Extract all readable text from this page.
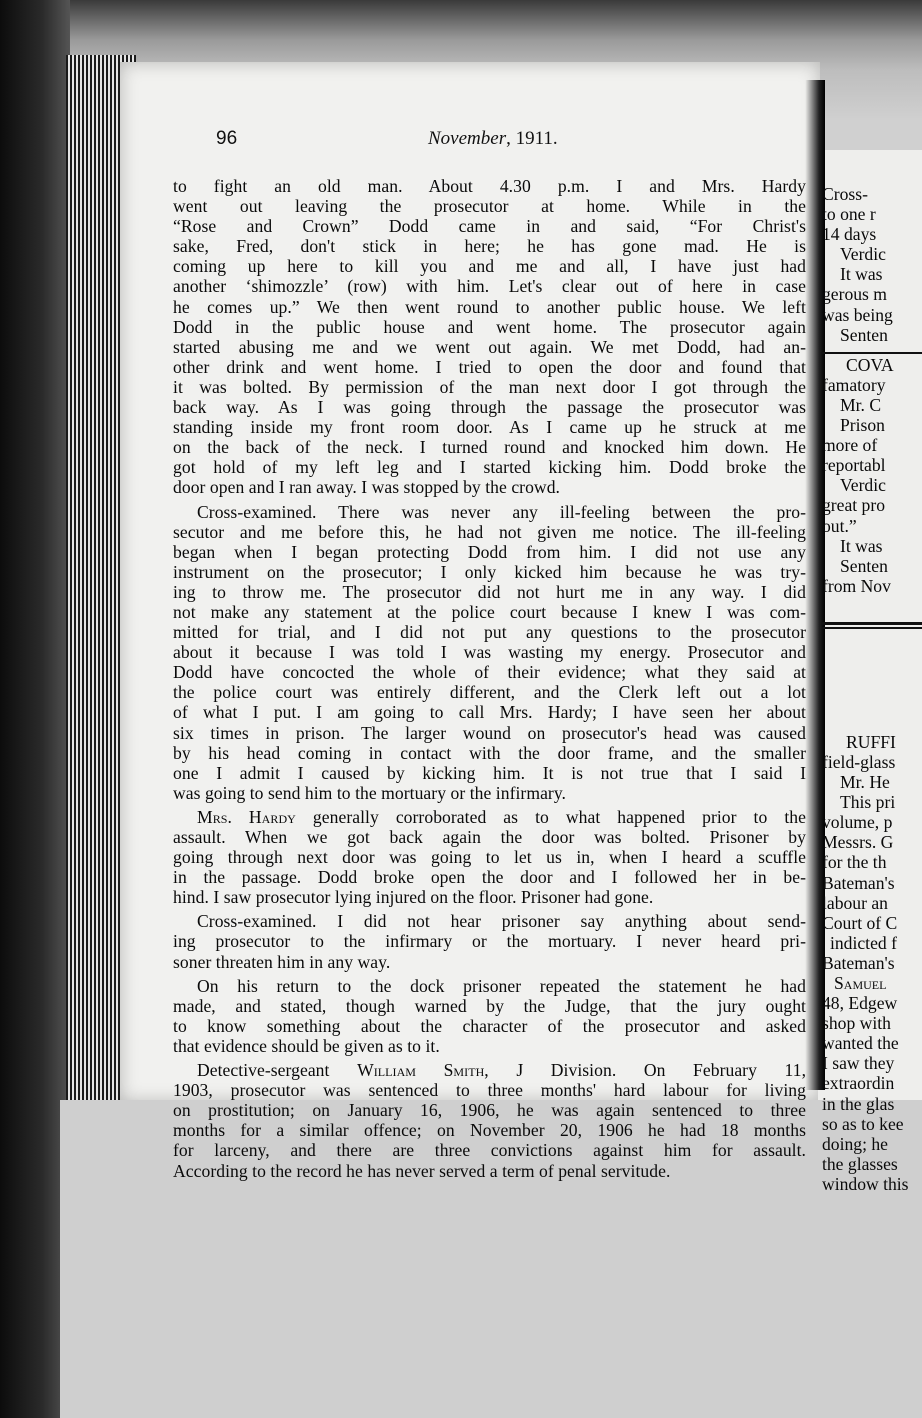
96	November, 1911.
to fight an old man. About 4.30 p.m. I and Mrs. Hardy
went out leaving the prosecutor at home. While in the
“Rose and Crown” Dodd came in and said, “For Christ's
sake, Fred, don't stick in here; he has gone mad. He is
coming up here to kill you and me and all, I have just had
another ‘shimozzle’ (row) with him. Let's clear out of here in case
he comes up.” We then went round to another public house. We left
Dodd in the public house and went home. The prosecutor again
started abusing me and we went out again. We met Dodd, had an-
other drink and went home. I tried to open the door and found that
it was bolted. By permission of the man next door I got through the
back way. As I was going through the passage the prosecutor was
standing inside my front room door. As I came up he struck at me
on the back of the neck. I turned round and knocked him down. He
got hold of my left leg and I started kicking him. Dodd broke the
door open and I ran away. I was stopped by the crowd.
Cross-examined. There was never any ill-feeling between the pro-
secutor and me before this, he had not given me notice. The ill-feeling
began when I began protecting Dodd from him. I did not use any
instrument on the prosecutor; I only kicked him because he was try-
ing to throw me. The prosecutor did not hurt me in any way. I did
not make any statement at the police court because I knew I was com-
mitted for trial, and I did not put any questions to the prosecutor
about it because I was told I was wasting my energy. Prosecutor and
Dodd have concocted the whole of their evidence; what they said at
the police court was entirely different, and the Clerk left out a lot
of what I put. I am going to call Mrs. Hardy; I have seen her about
six times in prison. The larger wound on prosecutor's head was caused
by his head coming in contact with the door frame, and the smaller
one I admit I caused by kicking him. It is not true that I said I
was going to send him to the mortuary or the infirmary.
Mrs. Hardy generally corroborated as to what happened prior to the
assault. When we got back again the door was bolted. Prisoner by
going through next door was going to let us in, when I heard a scuffle
in the passage. Dodd broke open the door and I followed her in be-
hind. I saw prosecutor lying injured on the floor. Prisoner had gone.
Cross-examined. I did not hear prisoner say anything about send-
ing prosecutor to the infirmary or the mortuary. I never heard pri-
soner threaten him in any way.
On his return to the dock prisoner repeated the statement he had
made, and stated, though warned by the Judge, that the jury ought
to know something about the character of the prosecutor and asked
that evidence should be given as to it.
Detective-sergeant William Smith, J Division. On February 11,
1903, prosecutor was sentenced to three months' hard labour for living
on prostitution; on January 16, 1906, he was again sentenced to three
months for a similar offence; on November 20, 1906 he had 18 months
for larceny, and there are three convictions against him for assault.
According to the record he has never served a term of penal servitude.
Cross-
to one r
14 days
Verdic
It was
gerous m
was being
Senten
COVA
famatory
Mr. C
Prison
more of
reportabl
Verdic
great pro
out.”
It was
Senten
from Nov
RUFFI
field-glass
Mr. He
This pri
volume, p
Messrs. G
for the th
Bateman's
labour an
Court of C
indicted f
Bateman's
Samuel
48, Edgew
shop with
wanted the
I saw they
extraordin
in the glas
so as to kee
doing; he
the glasses
window this
